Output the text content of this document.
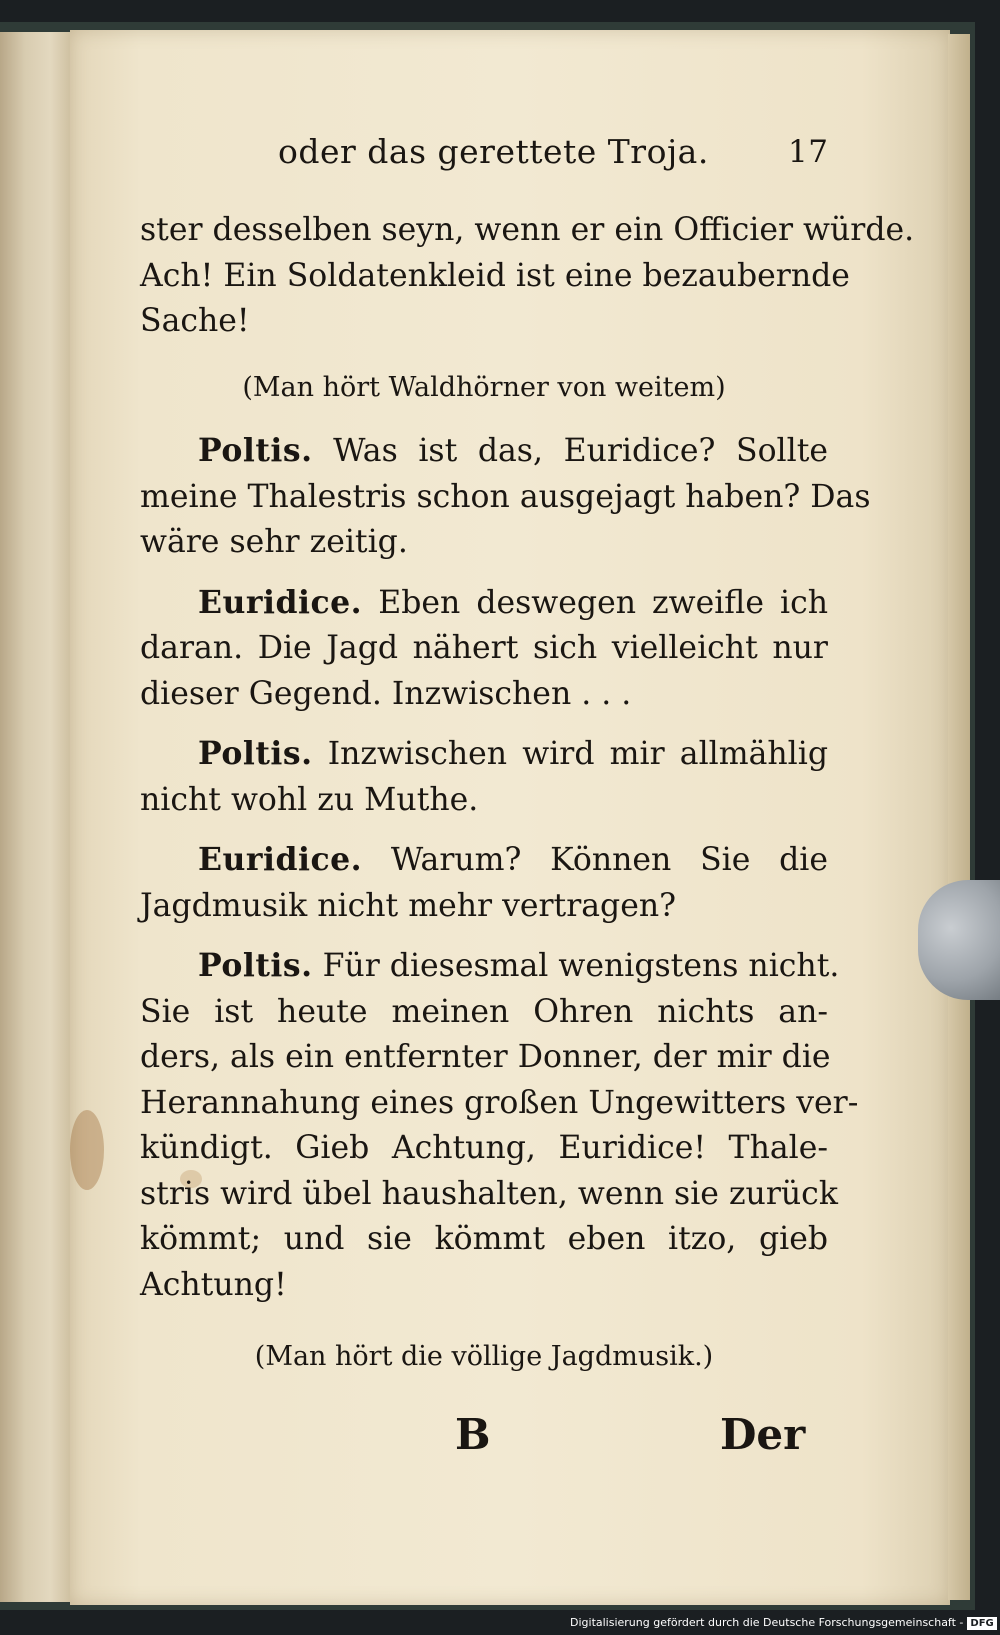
oder das gerettete Troja.	17
ster desselben seyn, wenn er ein Officier würde.
Ach! Ein Soldatenkleid ist eine bezaubernde
Sache!
(Man hört Waldhörner von weitem)
Poltis. Was ist das, Euridice? Sollte
meine Thalestris schon ausgejagt haben? Das
wäre sehr zeitig.
Euridice. Eben deswegen zweifle ich
daran. Die Jagd nähert sich vielleicht nur
dieser Gegend. Inzwischen . . .
Poltis. Inzwischen wird mir allmählig
nicht wohl zu Muthe.
Euridice. Warum? Können Sie die
Jagdmusik nicht mehr vertragen?
Poltis. Für diesesmal wenigstens nicht.
Sie ist heute meinen Ohren nichts an-
ders, als ein entfernter Donner, der mir die
Herannahung eines großen Ungewitters ver-
kündigt. Gieb Achtung, Euridice! Thale-
stris wird übel haushalten, wenn sie zurück
kömmt; und sie kömmt eben itzo, gieb
Achtung!
(Man hört die völlige Jagdmusik.)
B	Der
Digitalisierung gefördert durch die Deutsche Forschungsgemeinschaft - DFG
